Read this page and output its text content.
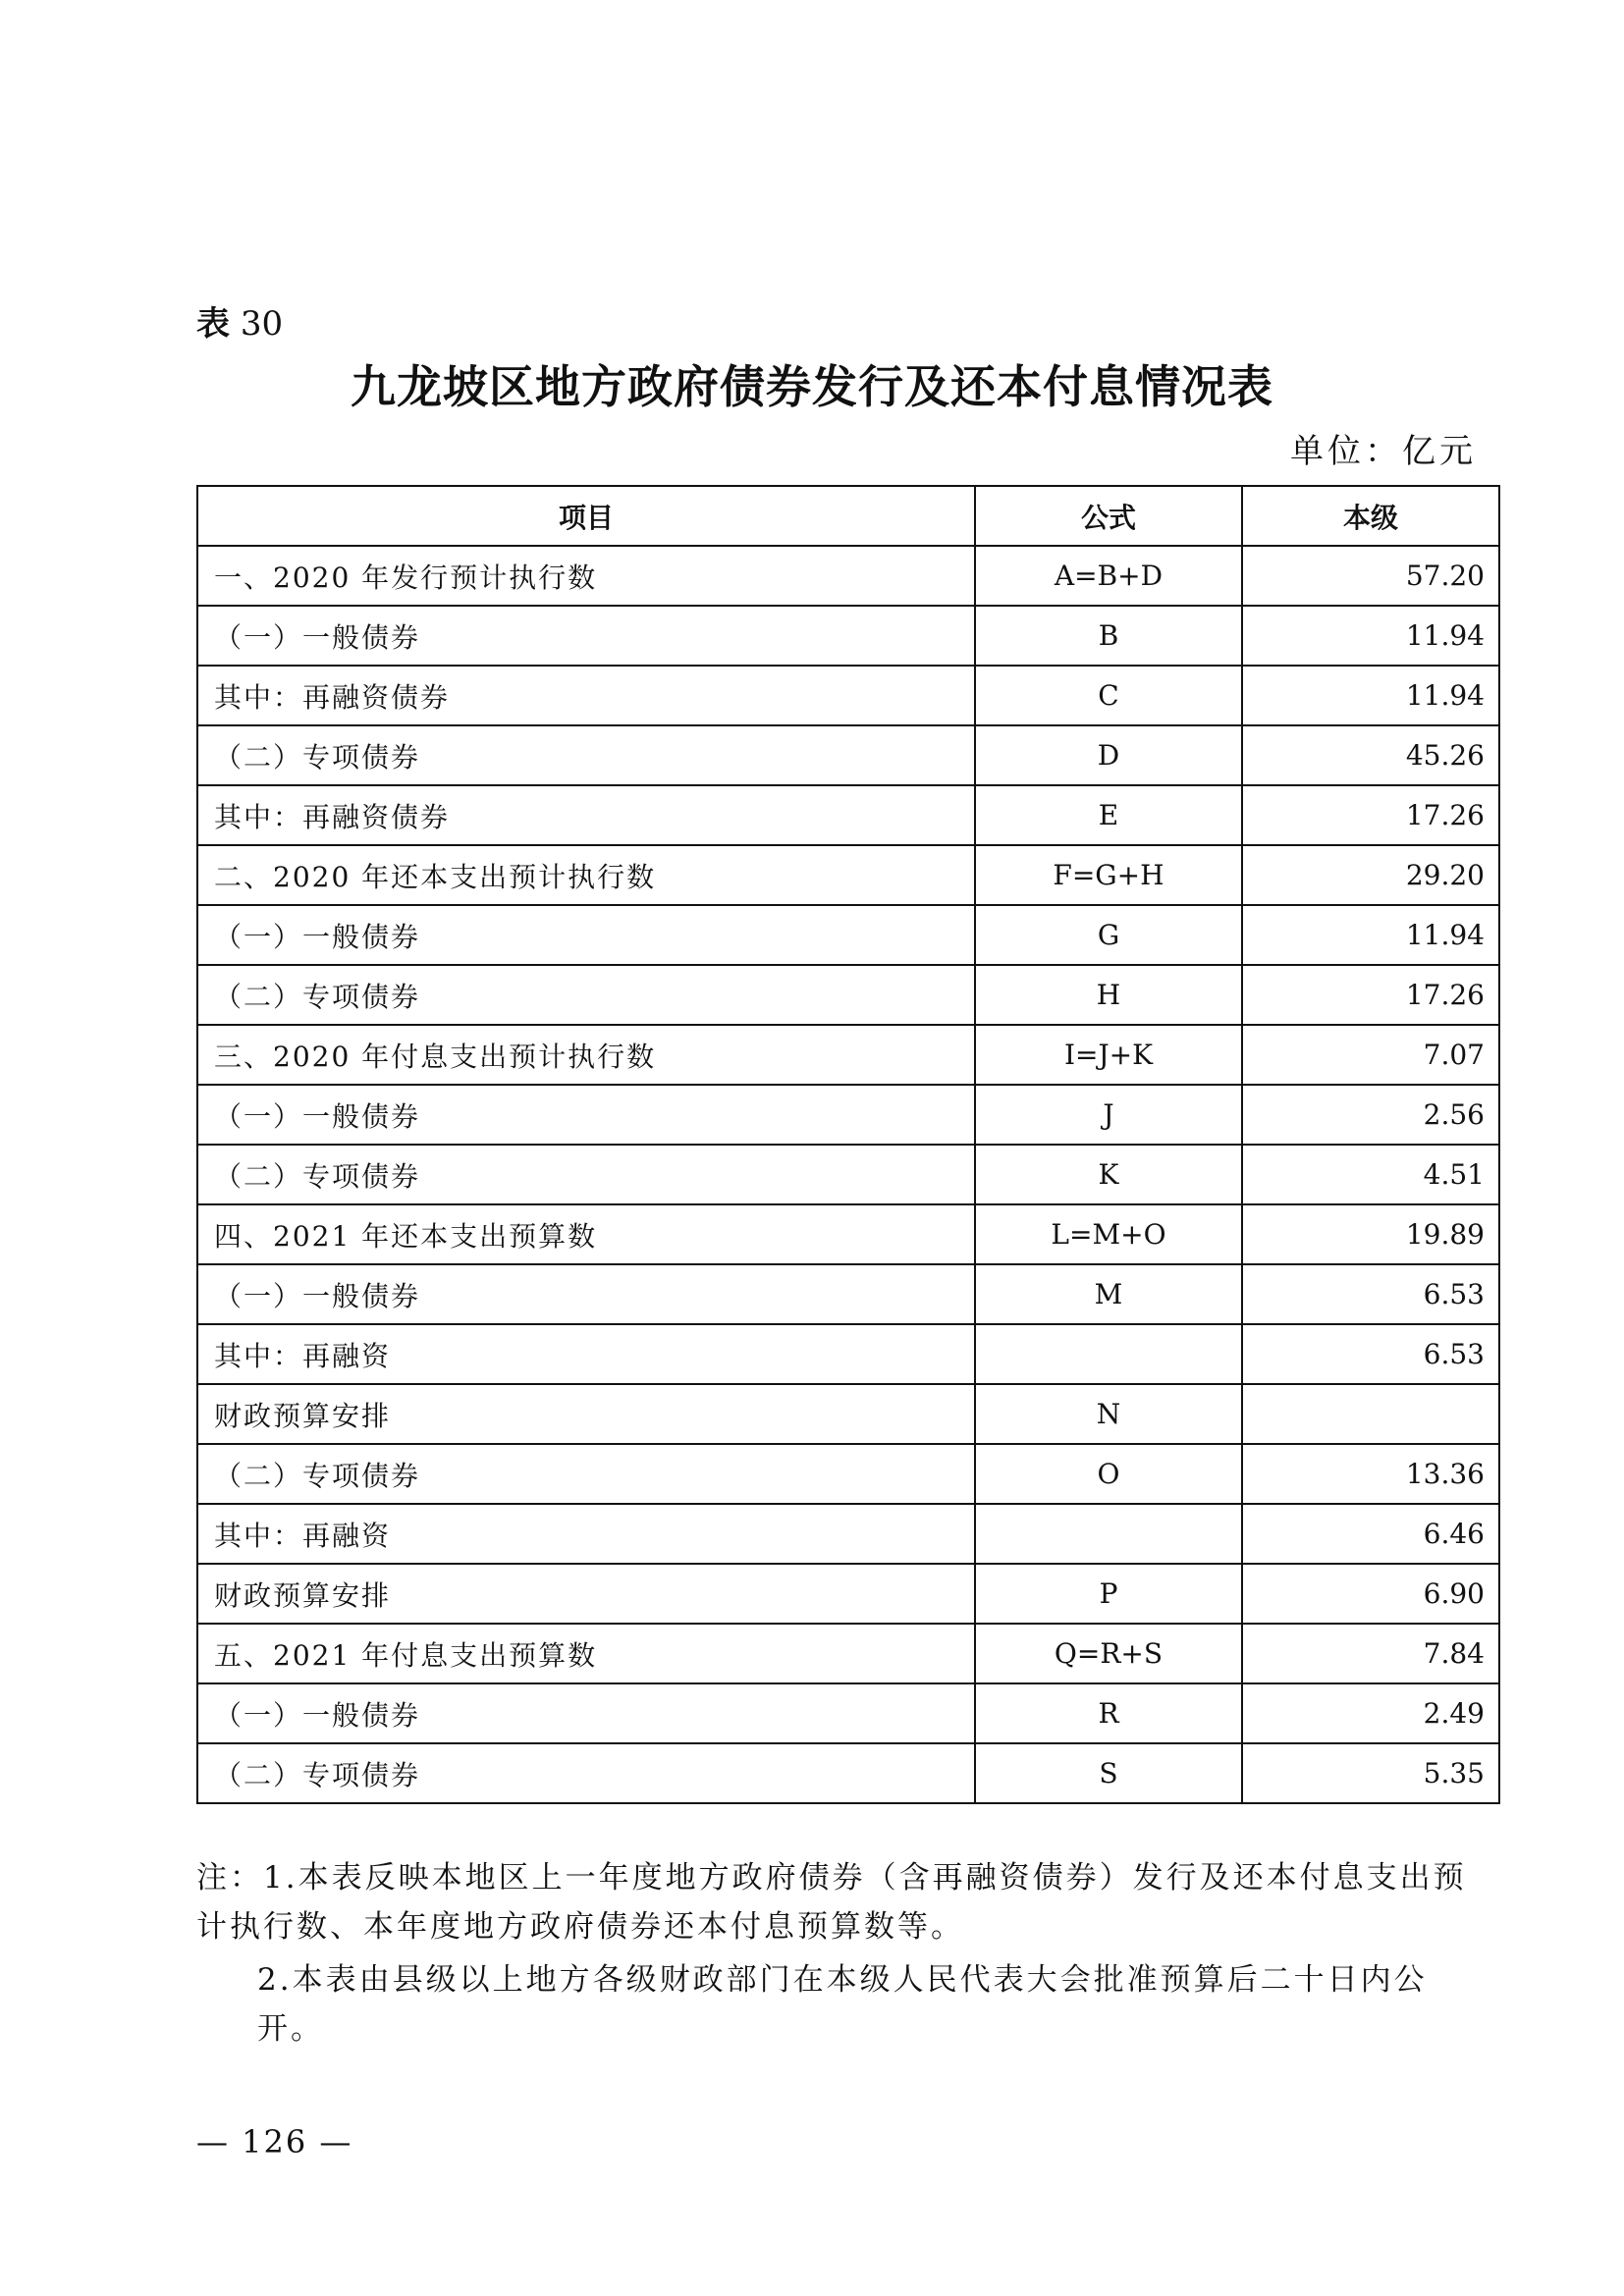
表 30
九龙坡区地方政府债券发行及还本付息情况表
单位：亿元
项目	公式	本级
一、2020 年发行预计执行数	A=B+D	57.20
（一）一般债券	B	11.94
其中：再融资债券	C	11.94
（二）专项债券	D	45.26
其中：再融资债券	E	17.26
二、2020 年还本支出预计执行数	F=G+H	29.20
（一）一般债券	G	11.94
（二）专项债券	H	17.26
三、2020 年付息支出预计执行数	I=J+K	7.07
（一）一般债券	J	2.56
（二）专项债券	K	4.51
四、2021 年还本支出预算数	L=M+O	19.89
（一）一般债券	M	6.53
其中：再融资		6.53
财政预算安排	N	
（二）专项债券	O	13.36
其中：再融资		6.46
财政预算安排	P	6.90
五、2021 年付息支出预算数	Q=R+S	7.84
（一）一般债券	R	2.49
（二）专项债券	S	5.35

注：1.本表反映本地区上一年度地方政府债券（含再融资债券）发行及还本付息支出预计执行数、本年度地方政府债券还本付息预算数等。

2.本表由县级以上地方各级财政部门在本级人民代表大会批准预算后二十日内公开。

— 126 —
